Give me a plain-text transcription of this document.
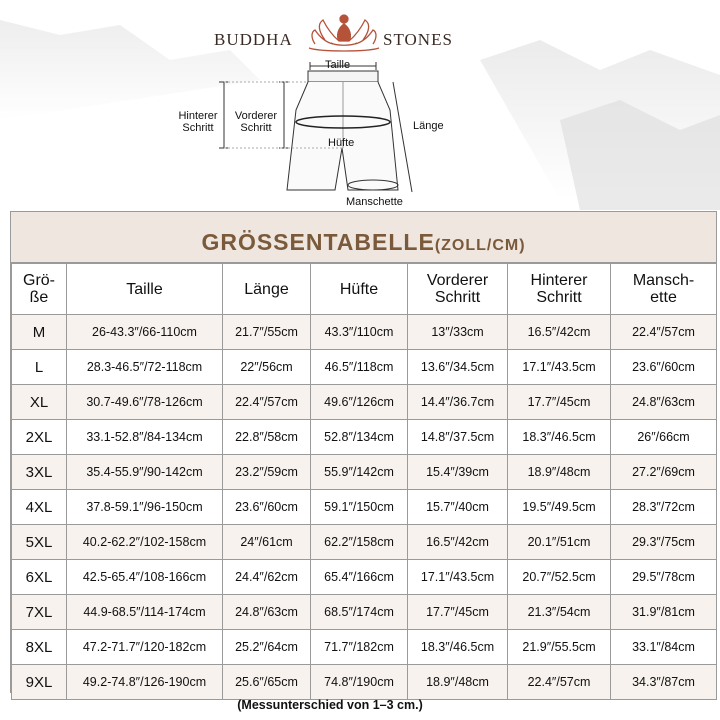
BUDDHA	STONES
Taille
Hinterer Schritt
Vorderer Schritt	Länge
Hüfte
Manschette
GRÖSSENTABELLE(ZOLL/CM)
Grö-ße	Taille	Länge	Hüfte	Vorderer Schritt	Hinterer Schritt	Mansch-ette
M	26-43.3″/66-110cm	21.7″/55cm	43.3″/110cm	13″/33cm	16.5″/42cm	22.4″/57cm
L	28.3-46.5″/72-118cm	22″/56cm	46.5″/118cm	13.6″/34.5cm	17.1″/43.5cm	23.6″/60cm
XL	30.7-49.6″/78-126cm	22.4″/57cm	49.6″/126cm	14.4″/36.7cm	17.7″/45cm	24.8″/63cm
2XL	33.1-52.8″/84-134cm	22.8″/58cm	52.8″/134cm	14.8″/37.5cm	18.3″/46.5cm	26″/66cm
3XL	35.4-55.9″/90-142cm	23.2″/59cm	55.9″/142cm	15.4″/39cm	18.9″/48cm	27.2″/69cm
4XL	37.8-59.1″/96-150cm	23.6″/60cm	59.1″/150cm	15.7″/40cm	19.5″/49.5cm	28.3″/72cm
5XL	40.2-62.2″/102-158cm	24″/61cm	62.2″/158cm	16.5″/42cm	20.1″/51cm	29.3″/75cm
6XL	42.5-65.4″/108-166cm	24.4″/62cm	65.4″/166cm	17.1″/43.5cm	20.7″/52.5cm	29.5″/78cm
7XL	44.9-68.5″/114-174cm	24.8″/63cm	68.5″/174cm	17.7″/45cm	21.3″/54cm	31.9″/81cm
8XL	47.2-71.7″/120-182cm	25.2″/64cm	71.7″/182cm	18.3″/46.5cm	21.9″/55.5cm	33.1″/84cm
9XL	49.2-74.8″/126-190cm	25.6″/65cm	74.8″/190cm	18.9″/48cm	22.4″/57cm	34.3″/87cm
(Messunterschied von 1–3 cm.)
